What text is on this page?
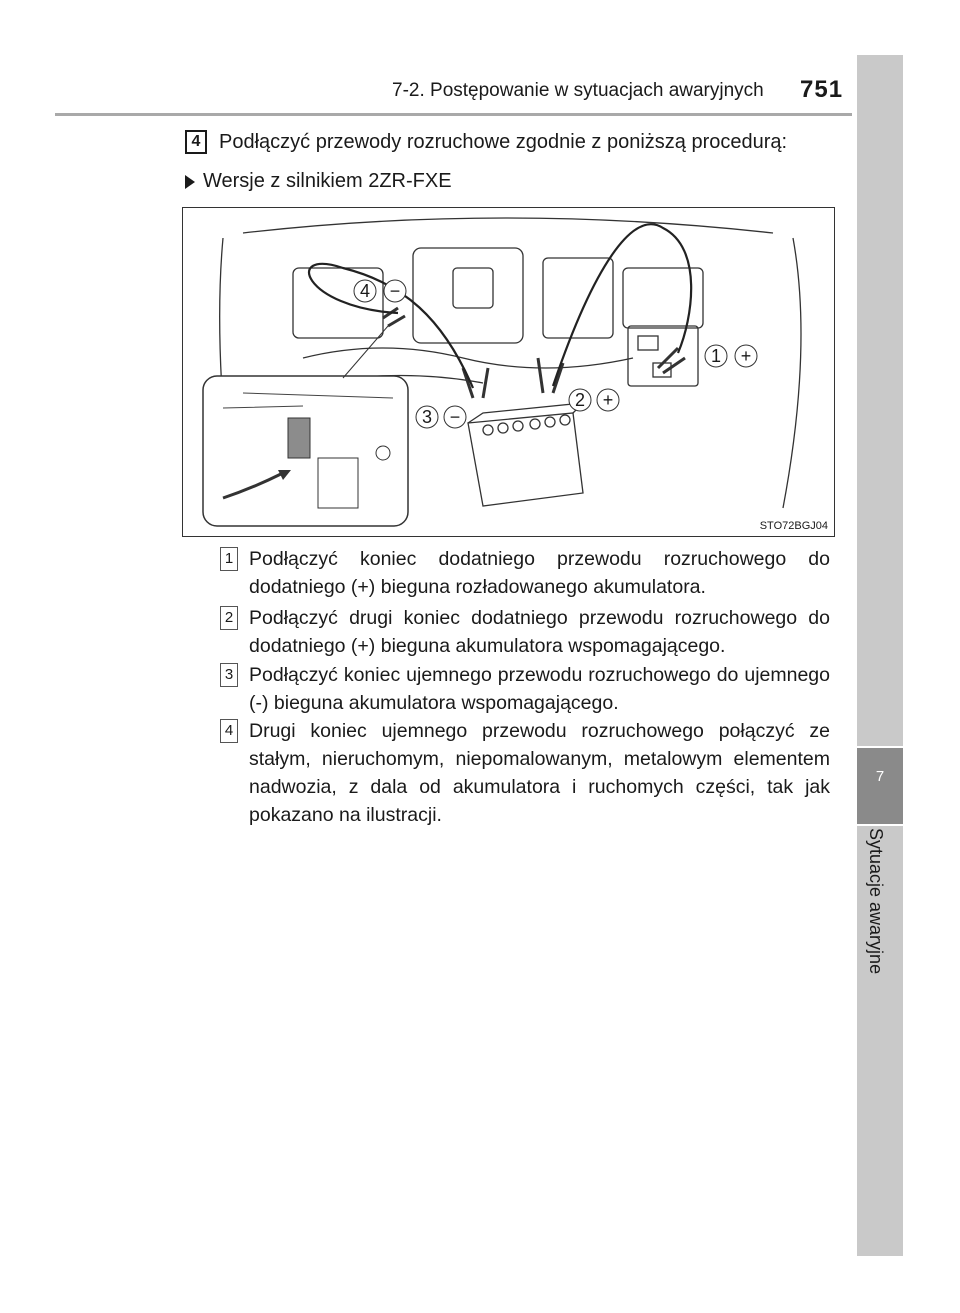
7-2. Postępowanie w sytuacjach awaryjnych 751
7
Sytuacje awaryjne
4 Podłączyć przewody rozruchowe zgodnie z poniższą procedurą:
Wersje z silnikiem 2ZR-FXE
4 −
1 +
2 +
3 −
STO72BGJ04
1 Podłączyć koniec dodatniego przewodu rozruchowego do dodatniego (+) bieguna rozładowanego akumulatora.
2 Podłączyć drugi koniec dodatniego przewodu rozruchowego do dodatniego (+) bieguna akumulatora wspomagającego.
3 Podłączyć koniec ujemnego przewodu rozruchowego do ujemnego (-) bieguna akumulatora wspomagającego.
4 Drugi koniec ujemnego przewodu rozruchowego połączyć ze stałym, nieruchomym, niepomalowanym, metalowym elementem nadwozia, z dala od akumulatora i ruchomych części, tak jak pokazano na ilustracji.
